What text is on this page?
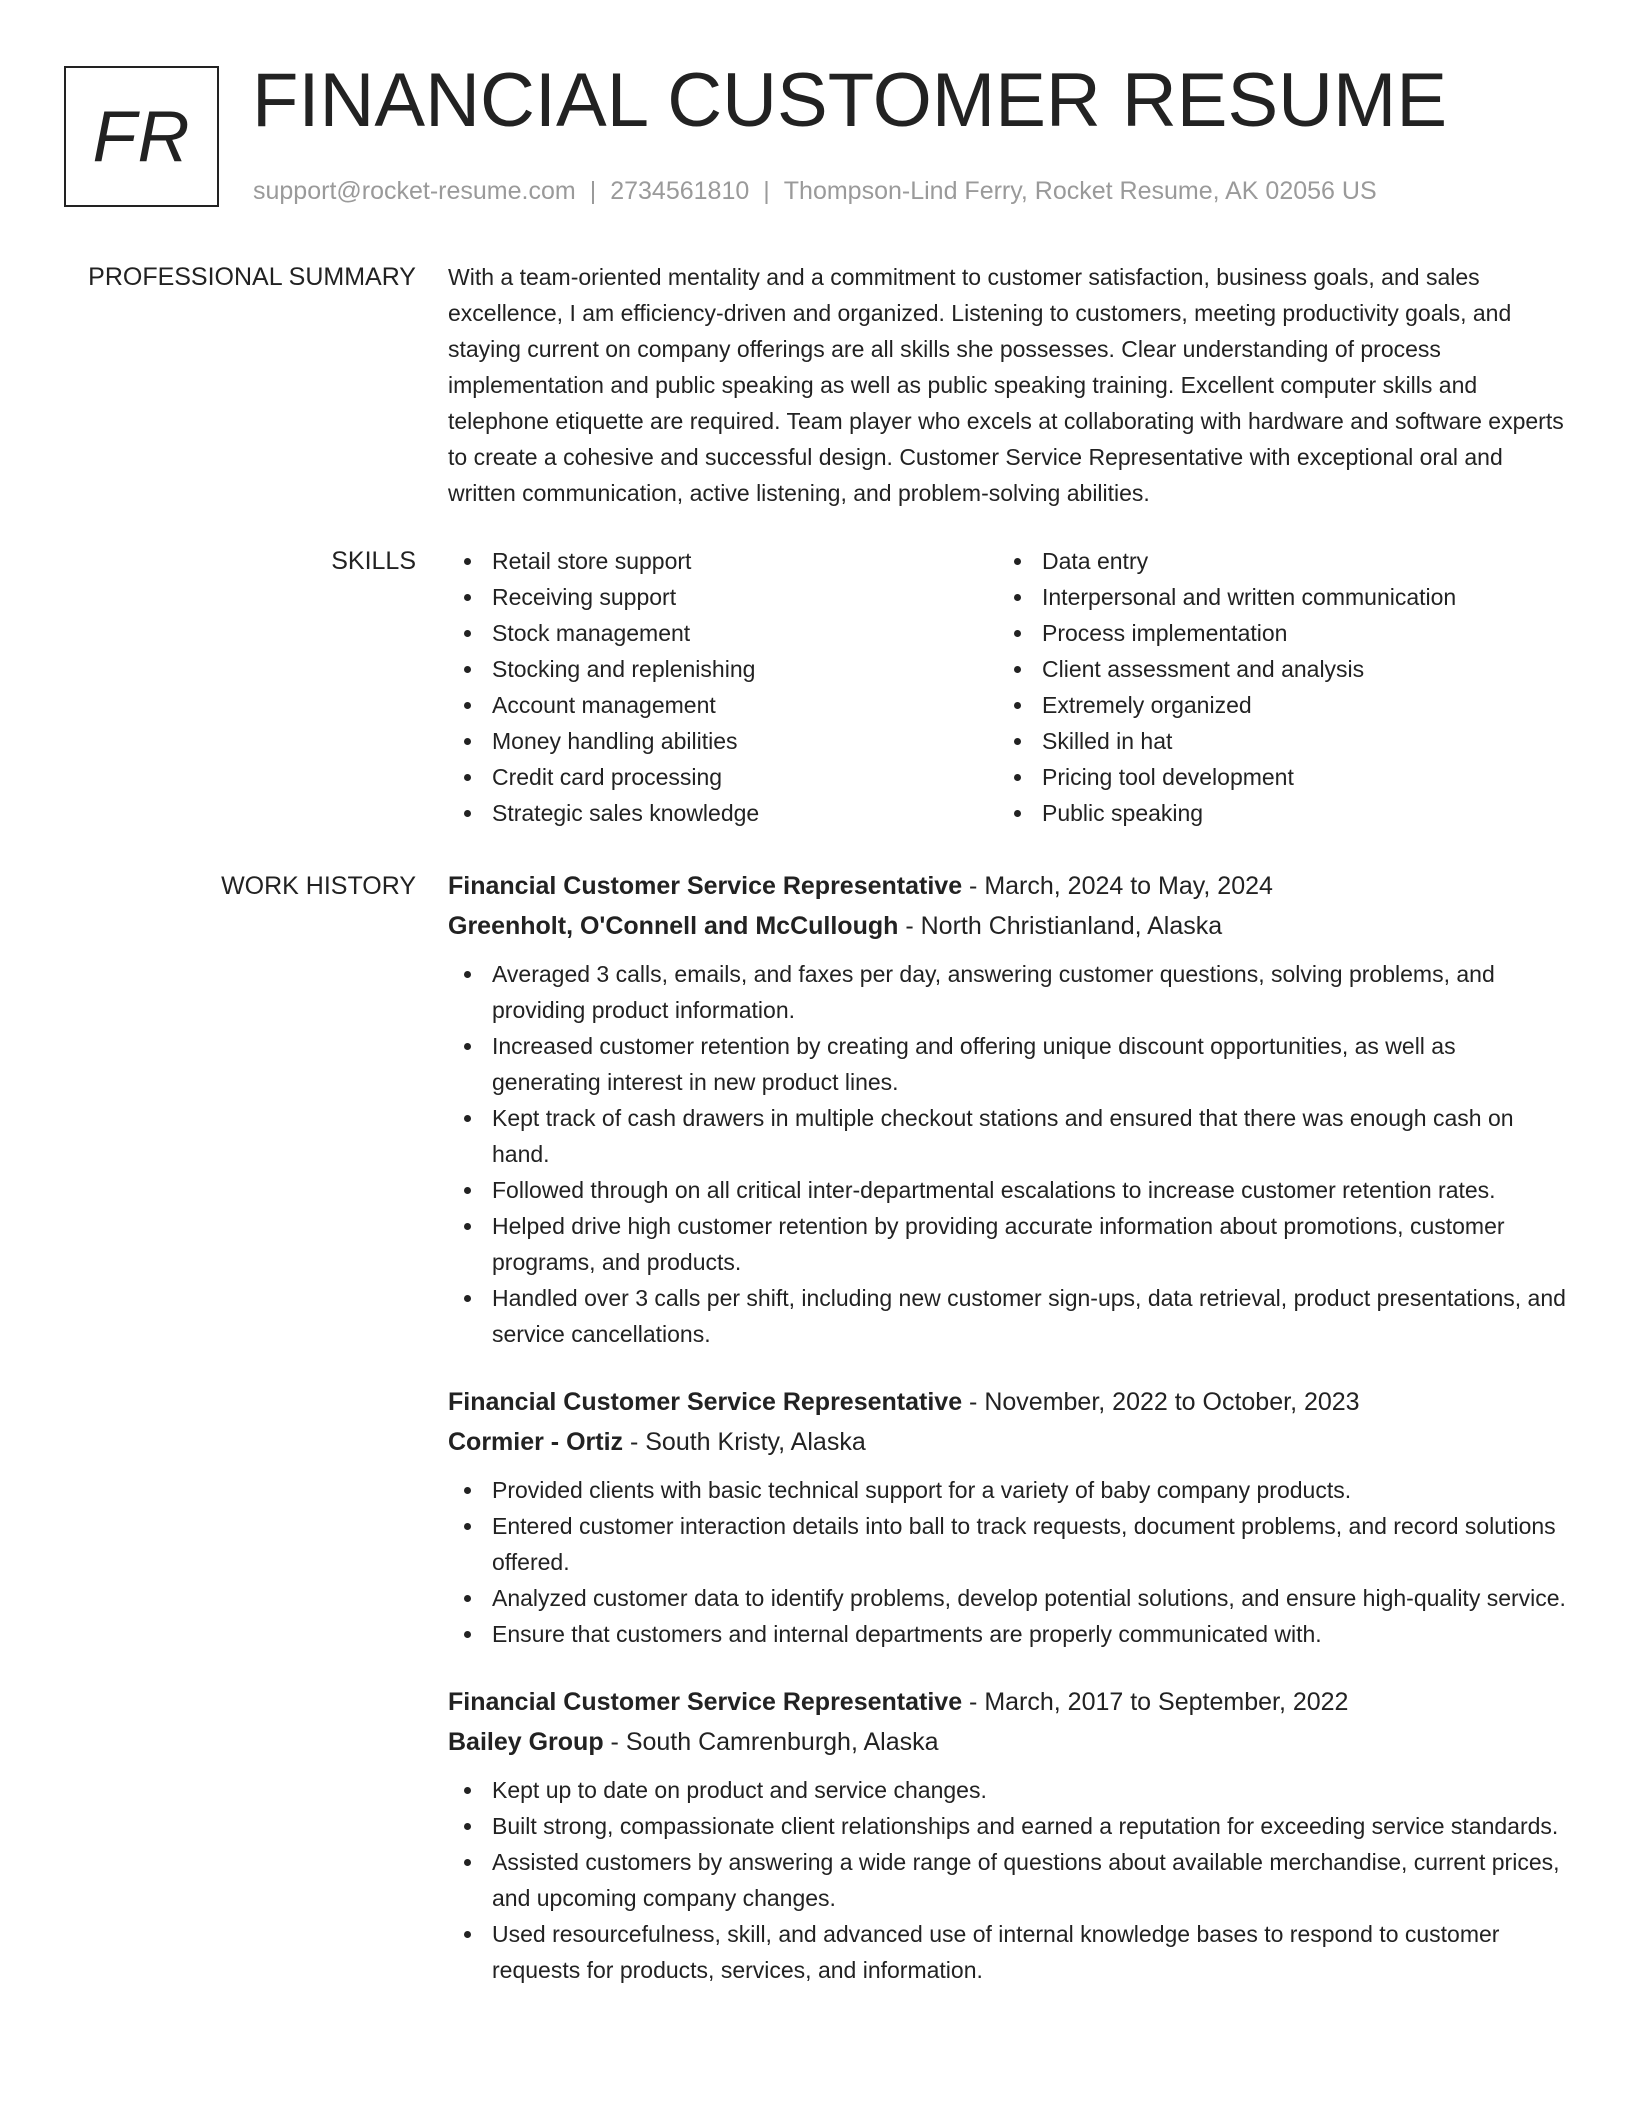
FR FINANCIAL CUSTOMER RESUME
support@rocket-resume.com | 2734561810 | Thompson-Lind Ferry, Rocket Resume, AK 02056 US
PROFESSIONAL SUMMARY With a team-oriented mentality and a commitment to customer satisfaction, business goals, and sales excellence, I am efficiency-driven and organized. Listening to customers, meeting productivity goals, and staying current on company offerings are all skills she possesses. Clear understanding of process implementation and public speaking as well as public speaking training. Excellent computer skills and telephone etiquette are required. Team player who excels at collaborating with hardware and software experts to create a cohesive and successful design. Customer Service Representative with exceptional oral and written communication, active listening, and problem-solving abilities.

SKILLS	Retail store support
Receiving support
Stock management
Stocking and replenishing
Account management
Money handling abilities
Credit card processing
Strategic sales knowledge
Data entry
Interpersonal and written communication
Process implementation
Client assessment and analysis
Extremely organized
Skilled in hat
Pricing tool development
Public speaking
WORK HISTORY Financial Customer Service Representative - March, 2024 to May, 2024
Greenholt, O'Connell and McCullough - North Christianland, Alaska
Averaged 3 calls, emails, and faxes per day, answering customer questions, solving problems, and providing product information.
Increased customer retention by creating and offering unique discount opportunities, as well as generating interest in new product lines.
Kept track of cash drawers in multiple checkout stations and ensured that there was enough cash on hand.
Followed through on all critical inter-departmental escalations to increase customer retention rates.
Helped drive high customer retention by providing accurate information about promotions, customer programs, and products.
Handled over 3 calls per shift, including new customer sign-ups, data retrieval, product presentations, and service cancellations.
Financial Customer Service Representative - November, 2022 to October, 2023
Cormier - Ortiz - South Kristy, Alaska
Provided clients with basic technical support for a variety of baby company products.
Entered customer interaction details into ball to track requests, document problems, and record solutions offered.
Analyzed customer data to identify problems, develop potential solutions, and ensure high-quality service.
Ensure that customers and internal departments are properly communicated with.
Financial Customer Service Representative - March, 2017 to September, 2022
Bailey Group - South Camrenburgh, Alaska
Kept up to date on product and service changes.
Built strong, compassionate client relationships and earned a reputation for exceeding service standards.
Assisted customers by answering a wide range of questions about available merchandise, current prices, and upcoming company changes.
Used resourcefulness, skill, and advanced use of internal knowledge bases to respond to customer requests for products, services, and information.
